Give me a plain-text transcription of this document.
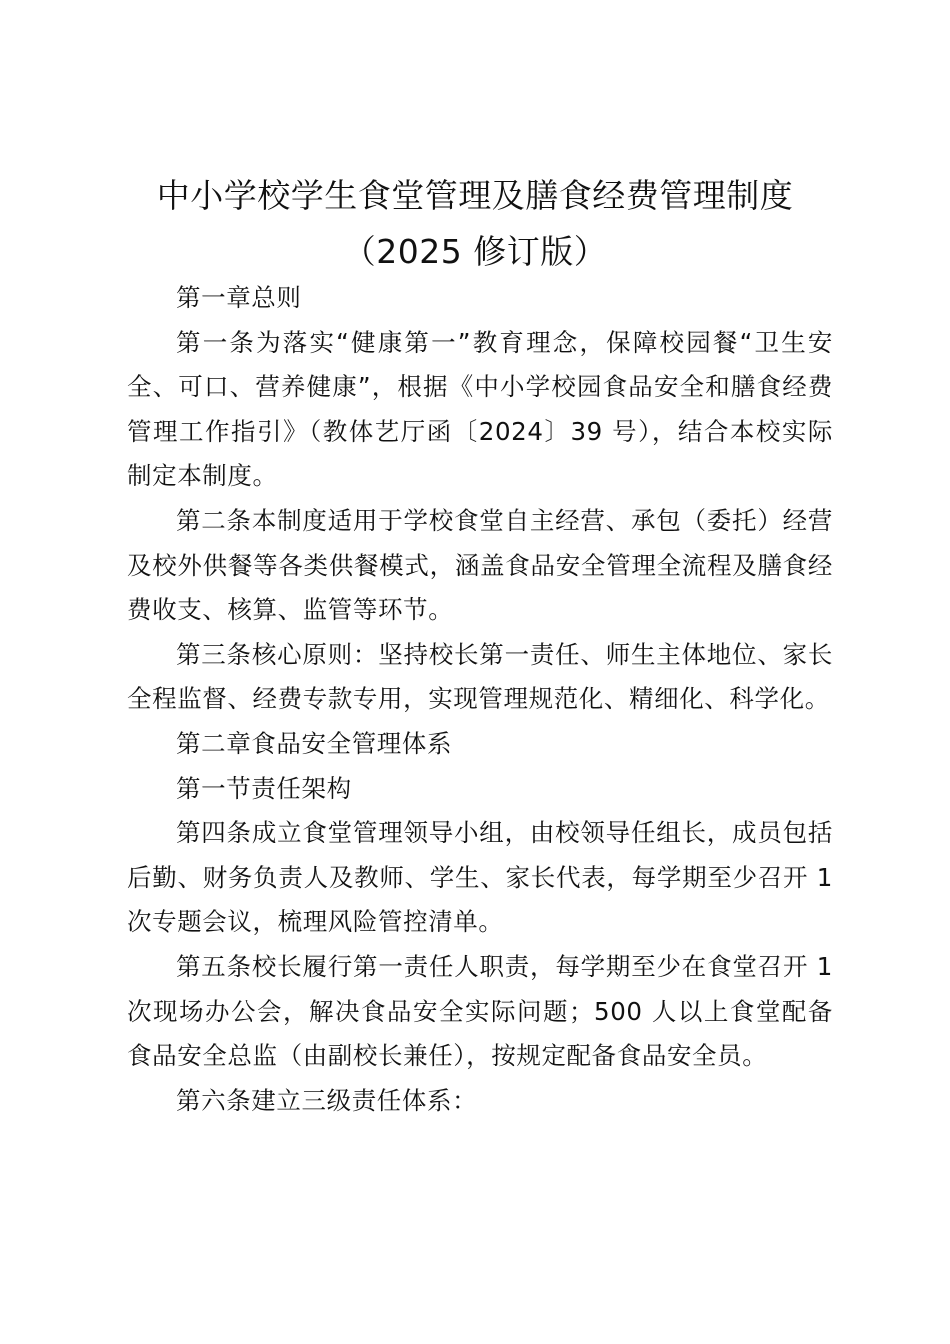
中小学校学生食堂管理及膳食经费管理制度
（2025 修订版）

第一章总则

第一条为落实“健康第一”教育理念，保障校园餐“卫生安全、可口、营养健康”，根据《中小学校园食品安全和膳食经费管理工作指引》（教体艺厅函〔2024〕39 号），结合本校实际制定本制度。

第二条本制度适用于学校食堂自主经营、承包（委托）经营及校外供餐等各类供餐模式，涵盖食品安全管理全流程及膳食经费收支、核算、监管等环节。

第三条核心原则：坚持校长第一责任、师生主体地位、家长全程监督、经费专款专用，实现管理规范化、精细化、科学化。

第二章食品安全管理体系

第一节责任架构

第四条成立食堂管理领导小组，由校领导任组长，成员包括后勤、财务负责人及教师、学生、家长代表，每学期至少召开 1 次专题会议，梳理风险管控清单。

第五条校长履行第一责任人职责，每学期至少在食堂召开 1 次现场办公会，解决食品安全实际问题；500 人以上食堂配备食品安全总监（由副校长兼任），按规定配备食品安全员。

第六条建立三级责任体系：
